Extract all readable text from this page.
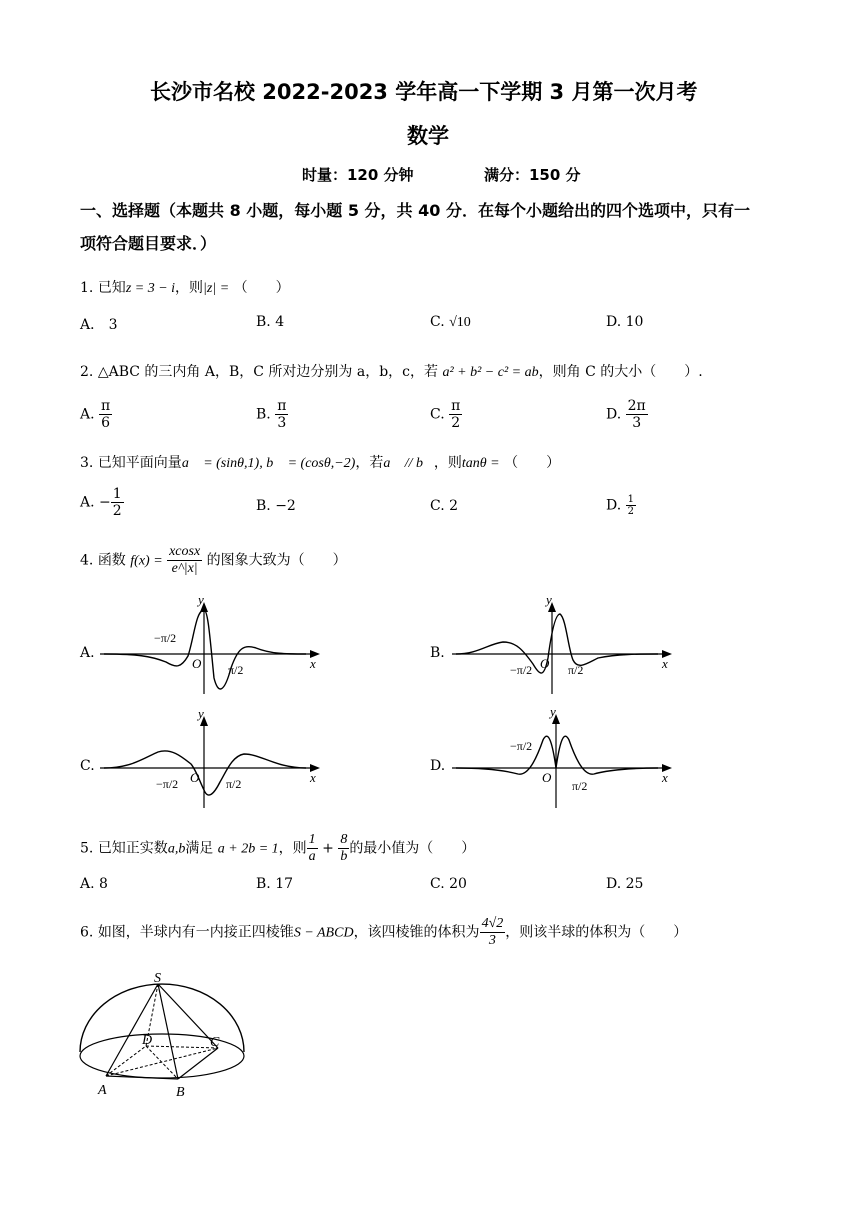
长沙市名校 2022-2023 学年高一下学期 3 月第一次月考
数学
时量：120 分钟	满分：150 分
一、选择题（本题共 8 小题，每小题 5 分，共 40 分．在每个小题给出的四个选项中，只有一
项符合题目要求．）
1. 已知z = 3 − i，则|z| = （　　）
A． 3	B. 4	C. √10	D. 10
2. △ABC 的三内角 A，B，C 所对边分别为 a，b，c，若 a² + b² − c² = ab，则角 C 的大小（　　）.
A. $\frac{\pi}{6}$	B. $\frac{\pi}{3}$	C. $\frac{\pi}{2}$	D. $\frac{2\pi}{3}$
3. 已知平面向量a⃗ = (sinθ,1), b⃗ = (cosθ,−2)，若a⃗ // b⃗，则tanθ = （　　）
A. − $\frac{1}{2}$	B. −2	C. 2	D. $\frac{1}{2}$
4. 函数 $f(x) = \frac{xcosx}{e\^{}|x|}$ 的图象大致为（　　）
A.
y
x
O
−π/2
π/2
B.
y
x
O
−π/2	π/2
C.
y
x
O
−π/2	π/2
D.
y
x
O
−π/2
π/2
5. 已知正实数a,b满足 a + 2b = 1，则 $\frac{1}{a} + \frac{8}{b}$ 的最小值为（　　）
A. 8	B. 17	C. 20	D. 25
6. 如图，半球内有一内接正四棱锥S − ABCD，该四棱锥的体积为 $\frac{4√2}{3}$ ，则该半球的体积为（　　）
S
A	B
C
D
